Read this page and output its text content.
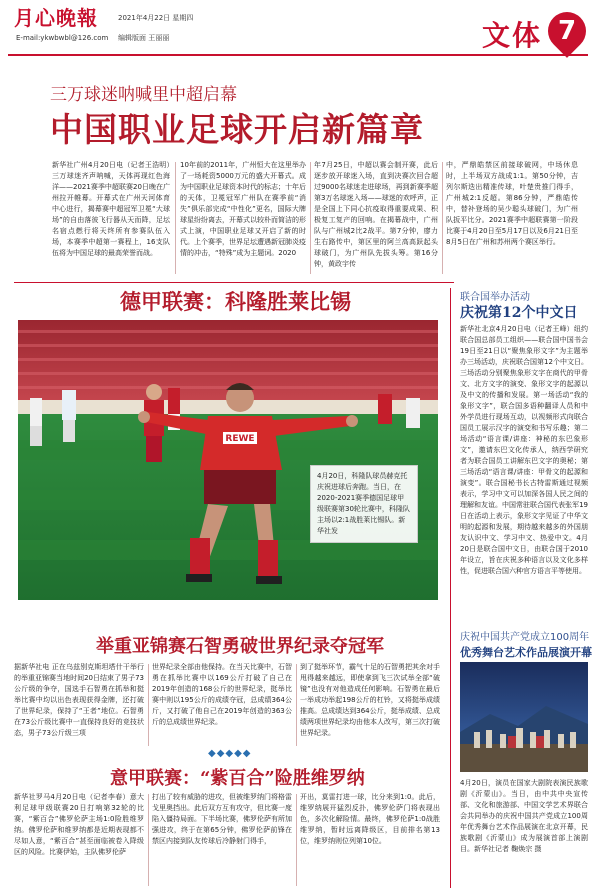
月心晚報	2021年4月22日 星期四
E-mail:ykwbwbl@126.com 编辑版面 王丽丽	文体 7
三万球迷呐喊里中超启幕
中国职业足球开启新篇章
新华社广州4月20日电（记者王浩明）三万球迷齐声呐喊，天体再现红色海洋——2021赛季中超联赛20日晚在广州拉开帷幕。开幕式在广州天河体育中心进行，揭幕赛中超冠军卫冕“大球场”的自由落彼飞行器从天而降，足坛名宿点燃行将天终所有参赛队伍入场，本赛季中超第一赛程上，16支队伍将为中国足球的最高荣誉而战。
10年前的2011年，广州恒大在这里举办了一场耗资5000万元的盛大开幕式。成为中国职业足球资本时代的标志；十年后的天体，卫冕冠军广州队在赛季前“消失”俱乐部完成“中性化”更名，国际大牌球星纷纷离去，开幕式以较朴而简洁的形式上演，中国职业足球又开启了新的时代。上个赛季，世界足坛遭遇新冠肺炎疫情的冲击，“特殊”成为主题词。2020
年7月25日，中超以赛会制开赛，此后逐步放开球迷入场，直到决赛次回合超过9000名球迷走进球场，再到新赛季超第3万名球迷入场——球迷的欢呼声，正是全国上下同心抗疫取得重要成果、积极复工复产的回响。在揭幕战中，广州队与广州城2比2战平。第7分钟，廖力生右路传中，第区里的阿兰高高跃起头球破门，为广州队先拔头筹。第16分钟，黄政宇传
中，严鼎皓禁区前接球破网，中场休息时，上半场双方战成1:1。第50分钟，吉列尔斯迭出精准传球，叶楚贵推门得手，广州城2:1反超。第86分钟，严鼎皓传中，替补登场的吴少聪头球破门，为广州队扳平比分。2021赛季中超联赛第一阶段比赛于4月20日至5月17日以及6月21日至8月5日在广州和苏州两个赛区举行。
德甲联赛：科隆胜莱比锡
REWE
4月20日，科隆队球员赫克托庆祝进球后奔跑。当日，在2020-2021赛季德国足球甲级联赛第30轮比赛中，科隆队主场以2:1战胜莱比锡队。新华社发
举重亚锦赛石智勇破世界纪录夺冠军
据新华社电 正在乌兹别克斯坦塔什干举行的举重亚锦赛当地时间20日结束了男子73公斤级的争夺，国选手石智勇在抓举和挺举比赛中均以出色表现获得金牌，还打破了世界纪录，保持了“王者”地位。石智勇在73公斤级比赛中一直保持良好的竞技状态，男子73公斤级三项
世界纪录全部由他保持。在当天比赛中，石智勇在抓举比赛中以169公斤打破了自己在2019年创造的168公斤的世界纪录，挺举比赛中则以195公斤的成绩夺冠，总成绩364公斤，又打破了他自己在2019年创造的363公斤的总成绩世界纪录。
到了挺举环节，霸气十足的石智勇把其余对手甩得越来越远，即使拿到飞三次试举全部“破镜”也没有对他造成任何影响。石智勇在最后一举成功举起198公斤的杠铃，又将挺举成绩推高。总成绩达到364公斤，挺举成绩、总成绩两项世界纪录均由他本人改写，第三次打破世界纪录。
◆◆◆◆◆
意甲联赛：“紫百合”险胜维罗纳
新华社罗马4月20日电（记者李春）意大利足球甲级联赛20日打响第32轮的比赛，“紫百合”佛罗伦萨主场1:0险胜维罗纳。佛罗伦萨和维罗纳都是近期表现都不尽如人意，“紫百合”甚至面临被卷入降级区的风险。比赛伊始，主队佛罗伦萨
打出了较有威胁的进攻，但被维罗纳门将格雷戈里奥挡出。此后双方互有攻守，但比赛一度陷入僵持局面。下半场比赛，佛罗伦萨有所加强进攻，终于在第65分钟，佛罗伦萨前锋在禁区内接到队友传球后冷静射门得手，
开出，莫雷打进一球，比分来到1:0。此后，维罗纳展开猛烈反扑，佛罗伦萨门将表现出色，多次化解险情。最终，佛罗伦萨1:0战胜维罗纳，暂时远离降级区，目前排名第13位，维罗纳则位列第10位。
联合国举办活动
庆祝第12个中文日
新华社北京4月20日电（记者王峰）纽约联合国总部员工组织——联合国中国书会19日至21日以“聚焦象形文字”为主题举办三场活动，庆祝联合国第12个中文日。三场活动分别聚焦象形文字在商代的甲骨文、北方文字的演变、象形文字的起源以及中文的传播和发展。第一场活动“我的象形文字”，联合国多语种翻译人员和中外学员进行现场互动，以视频形式向联合国员工展示汉字的演变和书写乐趣；第二场活动“语言课/讲座：神秘的东巴象形文”，邀请东巴文化传承人，纳西学研究者为联合国员工讲解东巴文字的奥秘；第三场活动“语言课/讲座：甲骨文的起源和演变”。联合国秘书长古特雷斯通过视频表示，学习中文可以加深各国人民之间的理解和友谊。中国常驻联合国代表张军19日在活动上表示，象形文字见证了中华文明的起源和发展，期待越来越多的外国朋友认识中文、学习中文、热爱中文。4月20日是联合国中文日，由联合国于2010年设立，旨在庆祝多种语言以及文化多样性，促进联合国六种官方语言平等使用。
庆祝中国共产党成立100周年
优秀舞台艺术作品展演开幕
4月20日，演员在国家大剧院表演民族歌剧《沂蒙山》。当日，由中共中央宣传部、文化和旅游部、中国文学艺术界联合会共同举办的庆祝中国共产党成立100周年优秀舞台艺术作品展演在北京开幕，民族歌剧《沂蒙山》成为展演首部上演剧目。新华社记者 鞠焕宗 摄
